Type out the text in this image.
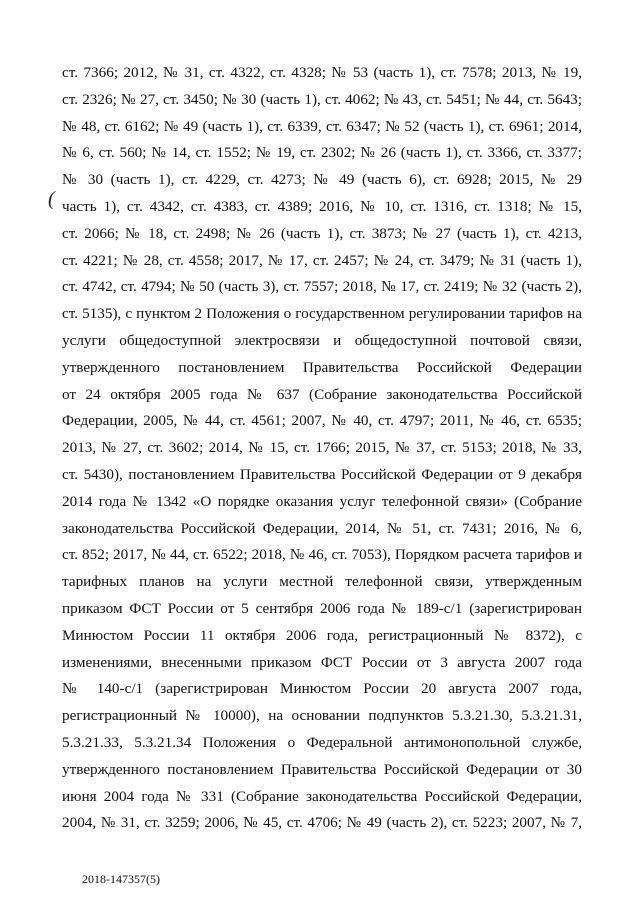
(
ст. 7366; 2012, № 31, ст. 4322, ст. 4328; № 53 (часть 1), ст. 7578; 2013, № 19,
ст. 2326; № 27, ст. 3450; № 30 (часть 1), ст. 4062; № 43, ст. 5451; № 44, ст. 5643;
№ 48, ст. 6162; № 49 (часть 1), ст. 6339, ст. 6347; № 52 (часть 1), ст. 6961; 2014,
№ 6, ст. 560; № 14, ст. 1552; № 19, ст. 2302; № 26 (часть 1), ст. 3366, ст. 3377;
№ 30 (часть 1), ст. 4229, ст. 4273; № 49 (часть 6), ст. 6928; 2015, № 29
часть 1), ст. 4342, ст. 4383, ст. 4389; 2016, № 10, ст. 1316, ст. 1318; № 15,
ст. 2066; № 18, ст. 2498; № 26 (часть 1), ст. 3873; № 27 (часть 1), ст. 4213,
ст. 4221; № 28, ст. 4558; 2017, № 17, ст. 2457; № 24, ст. 3479; № 31 (часть 1),
ст. 4742, ст. 4794; № 50 (часть 3), ст. 7557; 2018, № 17, ст. 2419; № 32 (часть 2),
ст. 5135), с пунктом 2 Положения о государственном регулировании тарифов на
услуги общедоступной электросвязи и общедоступной почтовой связи,
утвержденного постановлением Правительства Российской Федерации
от 24 октября 2005 года № 637 (Собрание законодательства Российской
Федерации, 2005, № 44, ст. 4561; 2007, № 40, ст. 4797; 2011, № 46, ст. 6535;
2013, № 27, ст. 3602; 2014, № 15, ст. 1766; 2015, № 37, ст. 5153; 2018, № 33,
ст. 5430), постановлением Правительства Российской Федерации от 9 декабря
2014 года № 1342 «О порядке оказания услуг телефонной связи» (Собрание
законодательства Российской Федерации, 2014, № 51, ст. 7431; 2016, № 6,
ст. 852; 2017, № 44, ст. 6522; 2018, № 46, ст. 7053), Порядком расчета тарифов и
тарифных планов на услуги местной телефонной связи, утвержденным
приказом ФСТ России от 5 сентября 2006 года № 189-с/1 (зарегистрирован
Минюстом России 11 октября 2006 года, регистрационный № 8372), с
изменениями, внесенными приказом ФСТ России от 3 августа 2007 года
№ 140-с/1 (зарегистрирован Минюстом России 20 августа 2007 года,
регистрационный № 10000), на основании подпунктов 5.3.21.30, 5.3.21.31,
5.3.21.33, 5.3.21.34 Положения о Федеральной антимонопольной службе,
утвержденного постановлением Правительства Российской Федерации от 30
июня 2004 года № 331 (Собрание законодательства Российской Федерации,
2004, № 31, ст. 3259; 2006, № 45, ст. 4706; № 49 (часть 2), ст. 5223; 2007, № 7,
2018-147357(5)
